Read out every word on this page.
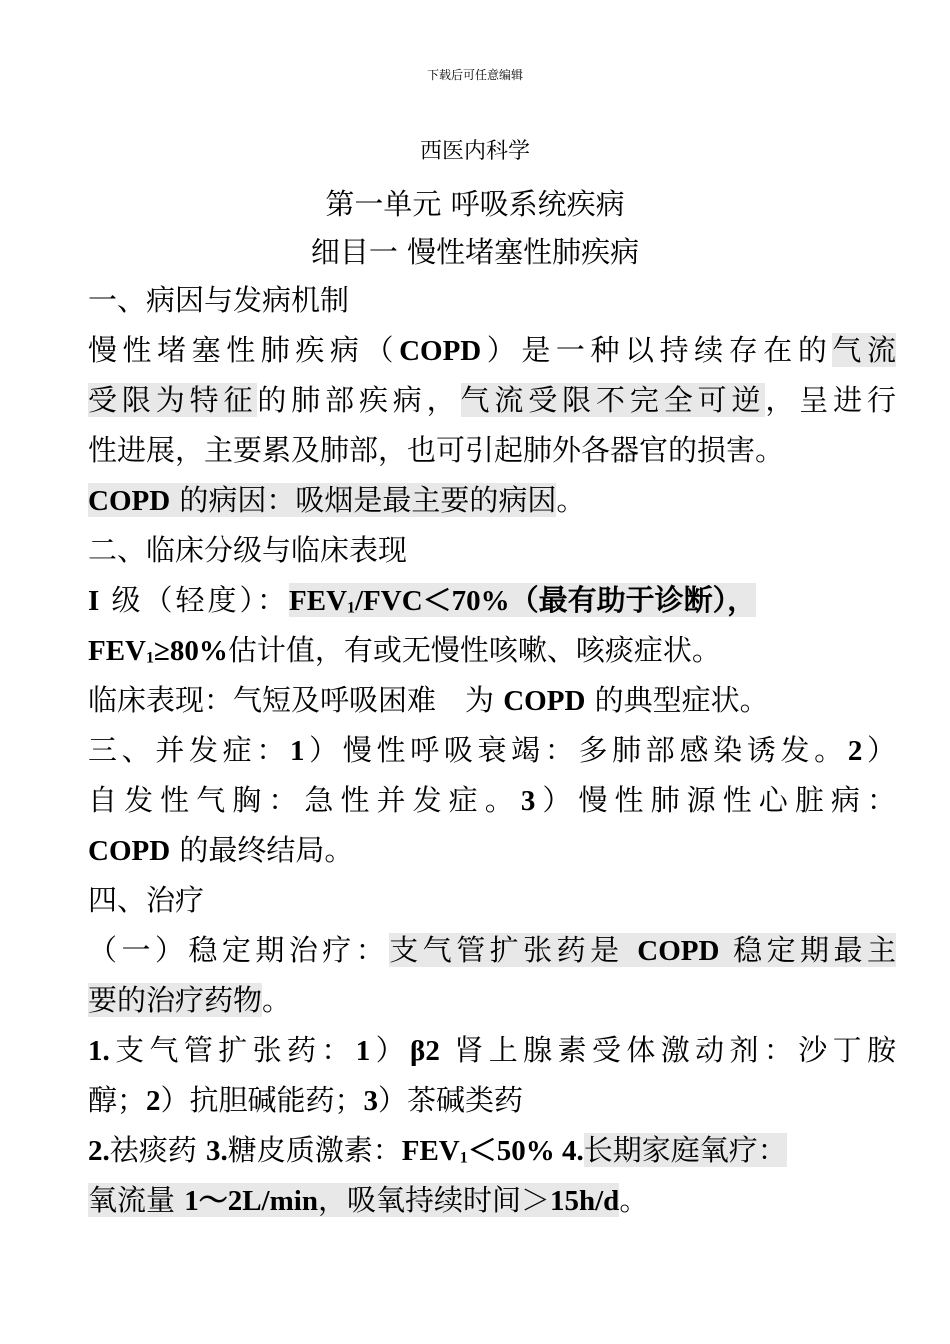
下载后可任意编辑
西医内科学
第一单元 呼吸系统疾病
细目一 慢性堵塞性肺疾病
一、病因与发病机制
慢性堵塞性肺疾病（COPD）是一种以持续存在的气流
受限为特征的肺部疾病，气流受限不完全可逆，呈进行
性进展，主要累及肺部，也可引起肺外各器官的损害。
COPD 的病因：吸烟是最主要的病因。
二、临床分级与临床表现
I 级（轻度）：$FEV_1/FVC<70\%$（最有助于诊断），
$FEV_1\ge 80\%$估计值，有或无慢性咳嗽、咳痰症状。
临床表现：气短及呼吸困难　为 COPD 的典型症状。
三、并发症：1）慢性呼吸衰竭：多肺部感染诱发。2）
自发性气胸：急性并发症。3）慢性肺源性心脏病：
COPD 的最终结局。
四、治疗
（一）稳定期治疗：支气管扩张药是 COPD 稳定期最主
要的治疗药物。
1.支气管扩张药：1）β2 肾上腺素受体激动剂：沙丁胺
醇；2）抗胆碱能药；3）茶碱类药
2.祛痰药 3.糖皮质激素：$FEV_1<50\%$ 4.长期家庭氧疗：
氧流量 1～2L/min，吸氧持续时间＞15h/d。
